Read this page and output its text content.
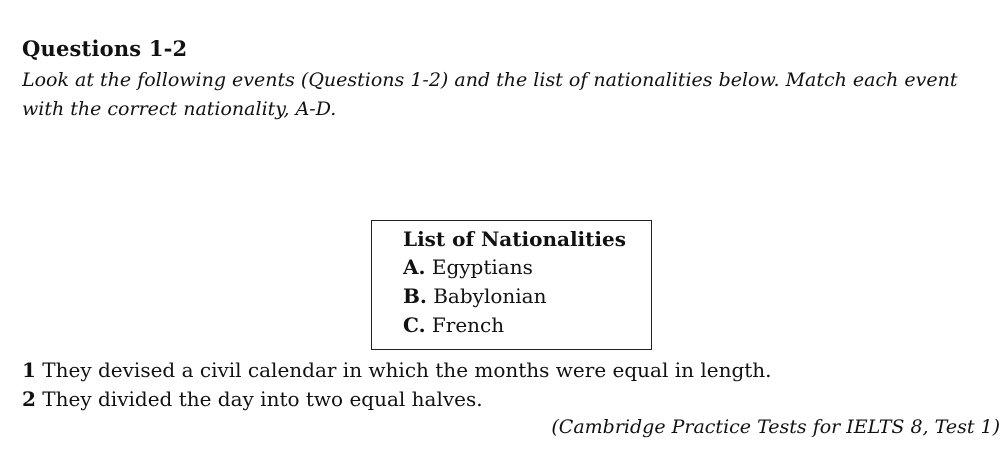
Questions 1-2
Look at the following events (Questions 1-2) and the list of nationalities below. Match each event with the correct nationality, A-D.
List of Nationalities
A. Egyptians
B. Babylonian
C. French
1 They devised a civil calendar in which the months were equal in length.
2 They divided the day into two equal halves.
(Cambridge Practice Tests for IELTS 8, Test 1)
